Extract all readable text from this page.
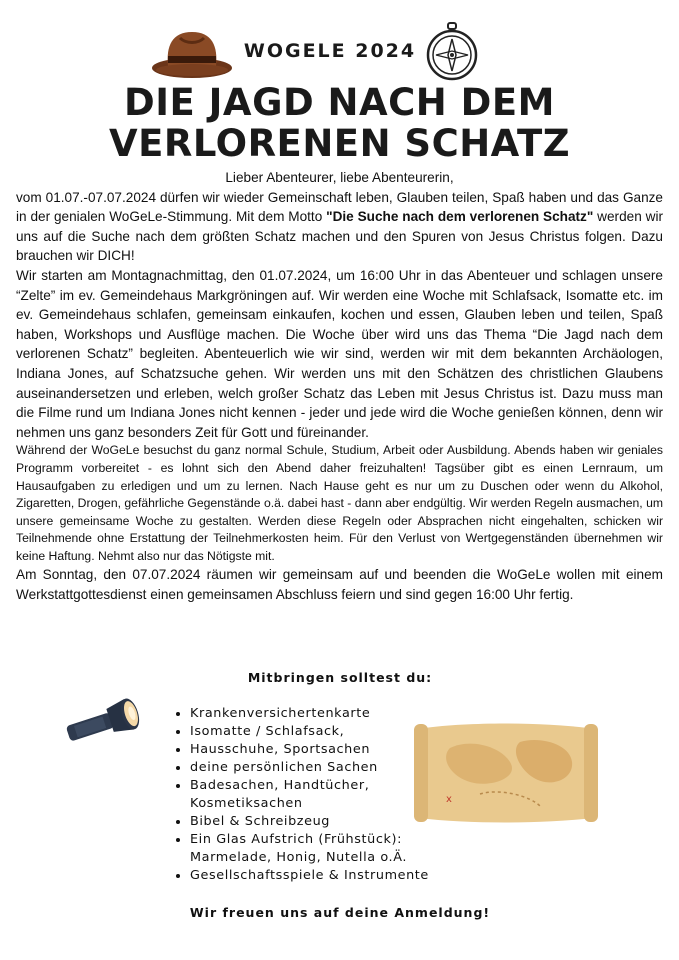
WOGELE 2024
DIE JAGD NACH DEM
VERLORENEN SCHATZ

Lieber Abenteurer, liebe Abenteurerin,

vom 01.07.-07.07.2024 dürfen wir wieder Gemeinschaft leben, Glauben teilen, Spaß haben und das Ganze in der genialen WoGeLe-Stimmung. Mit dem Motto "Die Suche nach dem verlorenen Schatz" werden wir uns auf die Suche nach dem größten Schatz machen und den Spuren von Jesus Christus folgen. Dazu brauchen wir DICH!

Wir starten am Montagnachmittag, den 01.07.2024, um 16:00 Uhr in das Abenteuer und schlagen unsere “Zelte” im ev. Gemeindehaus Markgröningen auf. Wir werden eine Woche mit Schlafsack, Isomatte etc. im ev. Gemeindehaus schlafen, gemeinsam einkaufen, kochen und essen, Glauben leben und teilen, Spaß haben, Workshops und Ausflüge machen. Die Woche über wird uns das Thema “Die Jagd nach dem verlorenen Schatz” begleiten. Abenteuerlich wie wir sind, werden wir mit dem bekannten Archäologen, Indiana Jones, auf Schatzsuche gehen. Wir werden uns mit den Schätzen des christlichen Glaubens auseinandersetzen und erleben, welch großer Schatz das Leben mit Jesus Christus ist. Dazu muss man die Filme rund um Indiana Jones nicht kennen - jeder und jede wird die Woche genießen können, denn wir nehmen uns ganz besonders Zeit für Gott und füreinander.

Während der WoGeLe besuchst du ganz normal Schule, Studium, Arbeit oder Ausbildung. Abends haben wir geniales Programm vorbereitet - es lohnt sich den Abend daher freizuhalten! Tagsüber gibt es einen Lernraum, um Hausaufgaben zu erledigen und um zu lernen. Nach Hause geht es nur um zu Duschen oder wenn du Alkohol, Zigaretten, Drogen, gefährliche Gegenstände o.ä. dabei hast - dann aber endgültig. Wir werden Regeln ausmachen, um unsere gemeinsame Woche zu gestalten. Werden diese Regeln oder Absprachen nicht eingehalten, schicken wir Teilnehmende ohne Erstattung der Teilnehmerkosten heim. Für den Verlust von Wertgegenständen übernehmen wir keine Haftung. Nehmt also nur das Nötigste mit.

Am Sonntag, den 07.07.2024 räumen wir gemeinsam auf und beenden die WoGeLe wollen mit einem Werkstattgottesdienst einen gemeinsamen Abschluss feiern und sind gegen 16:00 Uhr fertig.

Mitbringen solltest du:
• Krankenversichertenkarte
• Isomatte / Schlafsack,
• Hausschuhe, Sportsachen
• deine persönlichen Sachen
• Badesachen, Handtücher, Kosmetiksachen
• Bibel & Schreibzeug
• Ein Glas Aufstrich (Frühstück): Marmelade, Honig, Nutella o.Ä.
• Gesellschaftsspiele & Instrumente
x
Wir freuen uns auf deine Anmeldung!
